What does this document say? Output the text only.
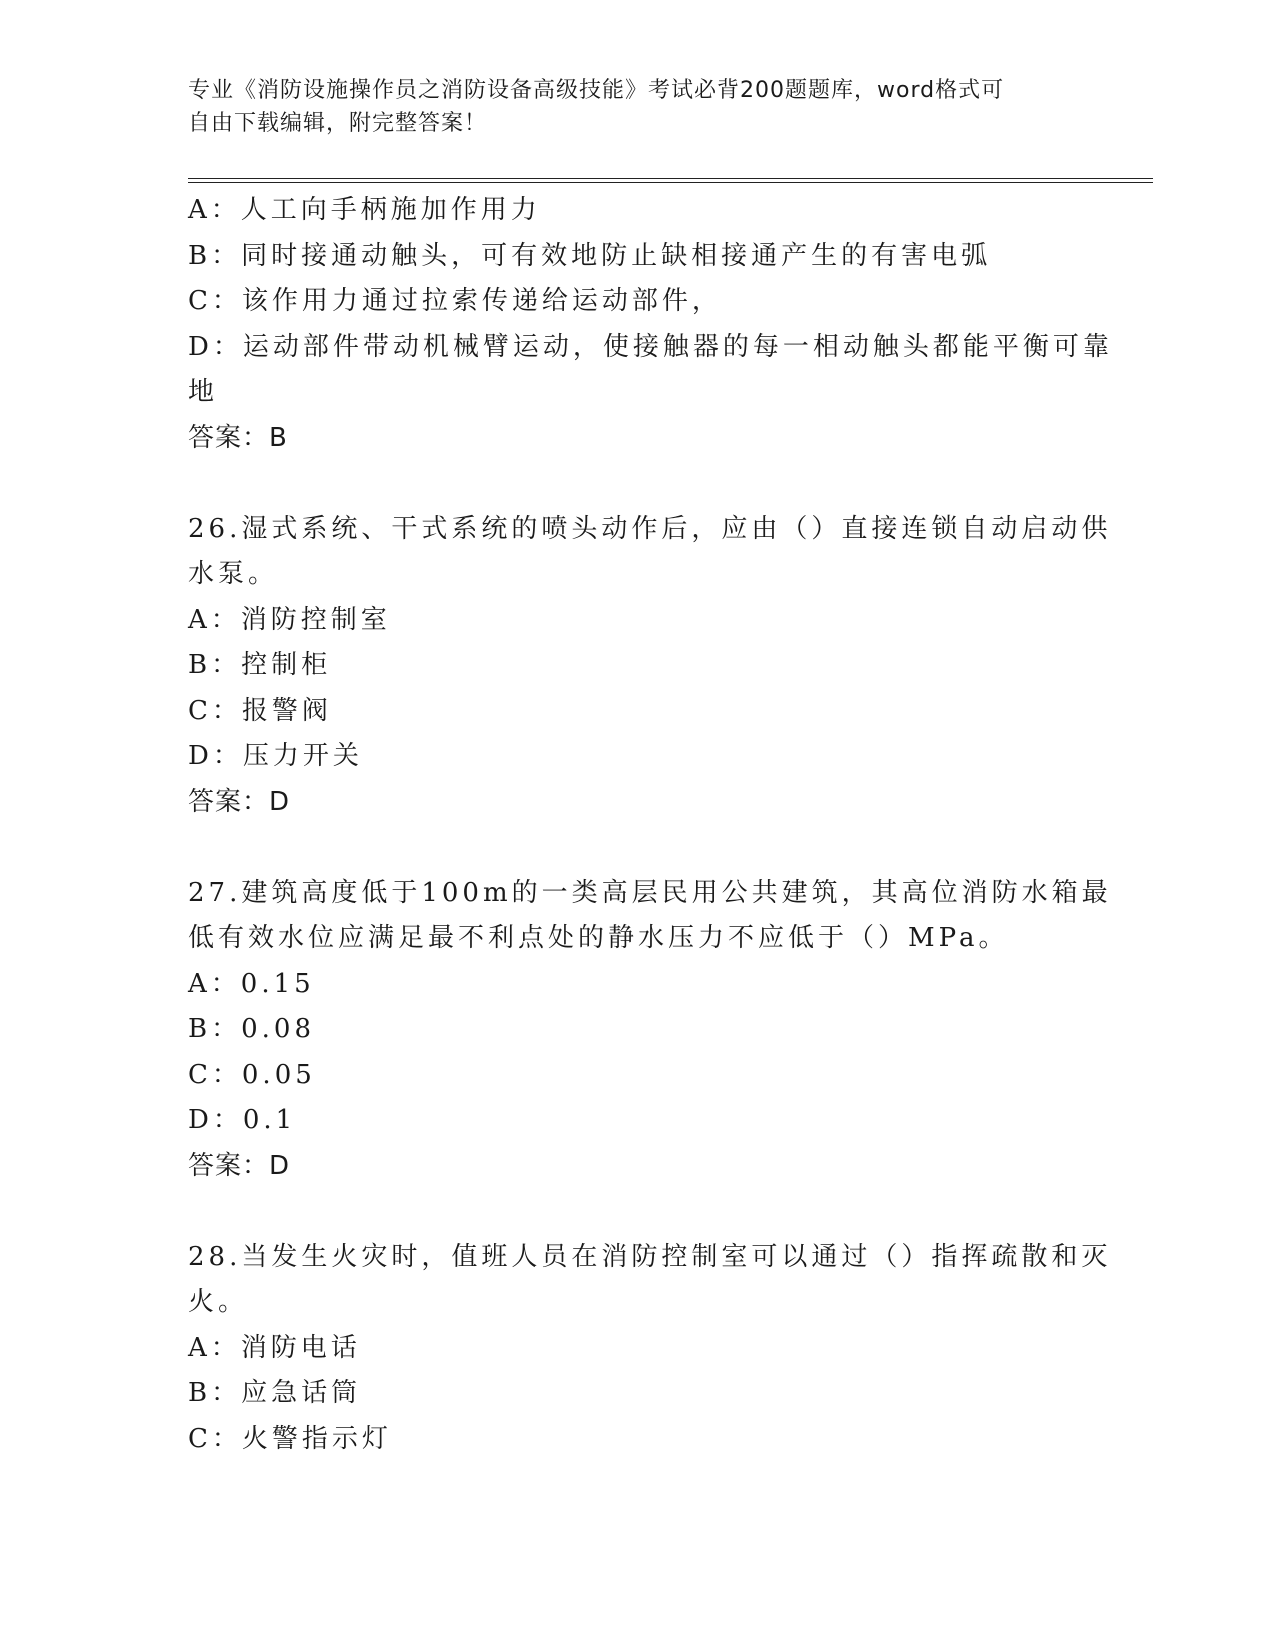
专业《消防设施操作员之消防设备高级技能》考试必背200题题库，word格式可
自由下载编辑，附完整答案！
A：人工向手柄施加作用力
B：同时接通动触头，可有效地防止缺相接通产生的有害电弧
C：该作用力通过拉索传递给运动部件，
D：运动部件带动机械臂运动，使接触器的每一相动触头都能平衡可靠
地
答案：B
26.湿式系统、干式系统的喷头动作后，应由（）直接连锁自动启动供
水泵。
A：消防控制室
B：控制柜
C：报警阀
D：压力开关
答案：D
27.建筑高度低于100m的一类高层民用公共建筑，其高位消防水箱最
低有效水位应满足最不利点处的静水压力不应低于（）MPa。
A：0.15
B：0.08
C：0.05
D：0.1
答案：D
28.当发生火灾时，值班人员在消防控制室可以通过（）指挥疏散和灭
火。
A：消防电话
B：应急话筒
C：火警指示灯
